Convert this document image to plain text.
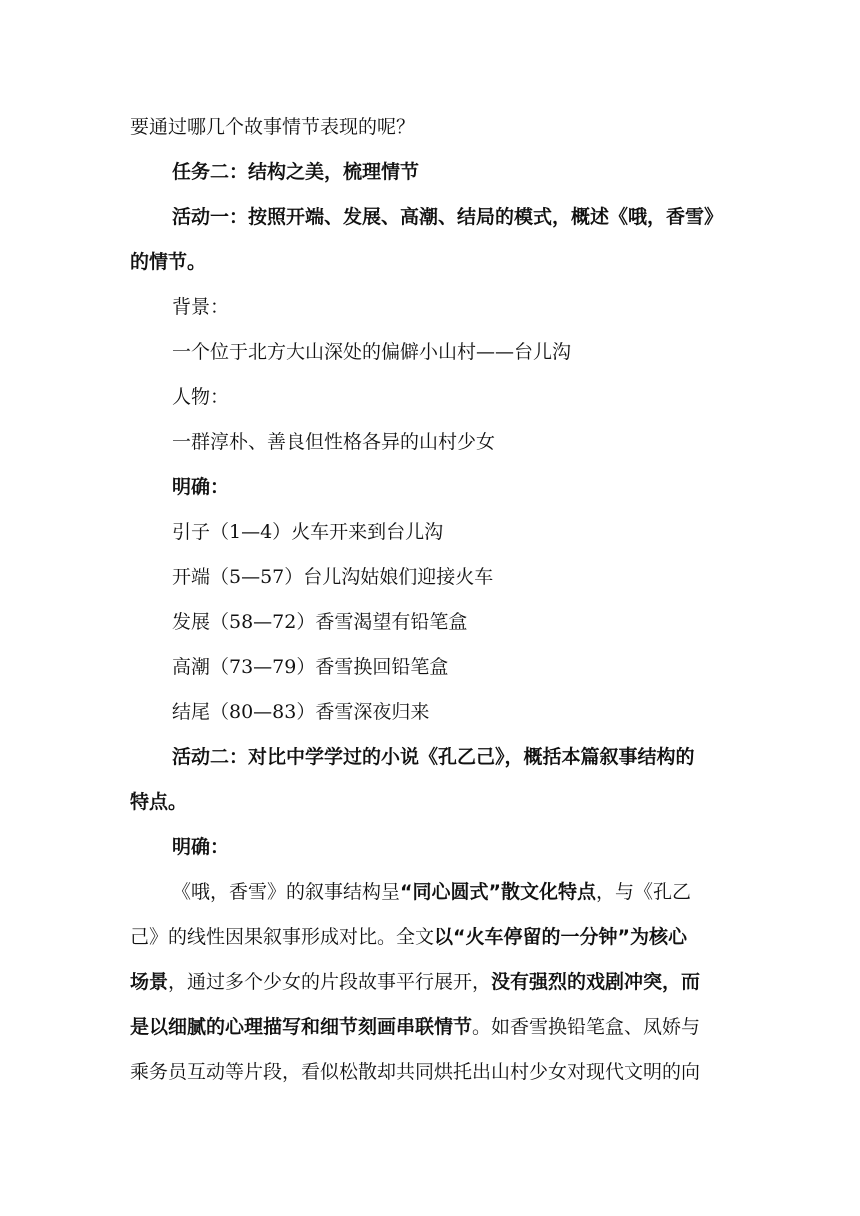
要通过哪几个故事情节表现的呢？
任务二：结构之美，梳理情节
活动一：按照开端、发展、高潮、结局的模式，概述《哦，香雪》
的情节。
背景：
一个位于北方大山深处的偏僻小山村——台儿沟
人物：
一群淳朴、善良但性格各异的山村少女
明确：
引子（1—4）火车开来到台儿沟
开端（5—57）台儿沟姑娘们迎接火车
发展（58—72）香雪渴望有铅笔盒
高潮（73—79）香雪换回铅笔盒
结尾（80—83）香雪深夜归来
活动二：对比中学学过的小说《孔乙己》，概括本篇叙事结构的
特点。
明确：
《哦，香雪》的叙事结构呈“同心圆式”散文化特点，与《孔乙
己》的线性因果叙事形成对比。全文以“火车停留的一分钟”为核心
场景，通过多个少女的片段故事平行展开，没有强烈的戏剧冲突，而
是以细腻的心理描写和细节刻画串联情节。如香雪换铅笔盒、凤娇与
乘务员互动等片段，看似松散却共同烘托出山村少女对现代文明的向
